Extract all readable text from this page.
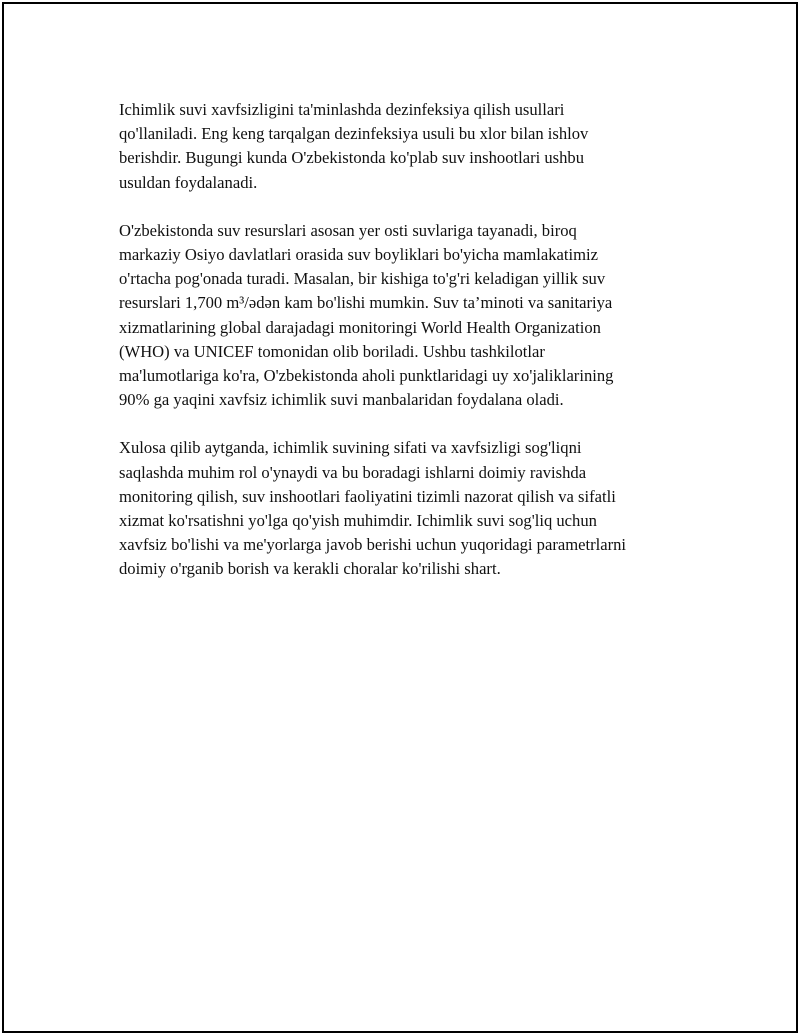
Ichimlik suvi xavfsizligini ta'minlashda dezinfeksiya qilish usullari
qo'llaniladi. Eng keng tarqalgan dezinfeksiya usuli bu xlor bilan ishlov
berishdir. Bugungi kunda O'zbekistonda ko'plab suv inshootlari ushbu
usuldan foydalanadi.

O'zbekistonda suv resurslari asosan yer osti suvlariga tayanadi, biroq
markaziy Osiyo davlatlari orasida suv boyliklari bo'yicha mamlakatimiz
o'rtacha pog'onada turadi. Masalan, bir kishiga to'g'ri keladigan yillik suv
resurslari 1,700 m³/ədən kam bo'lishi mumkin. Suv ta’minoti va sanitariya
xizmatlarining global darajadagi monitoringi World Health Organization
(WHO) va UNICEF tomonidan olib boriladi. Ushbu tashkilotlar
ma'lumotlariga ko'ra, O'zbekistonda aholi punktlaridagi uy xo'jaliklarining
90% ga yaqini xavfsiz ichimlik suvi manbalaridan foydalana oladi.

Xulosa qilib aytganda, ichimlik suvining sifati va xavfsizligi sog'liqni
saqlashda muhim rol o'ynaydi va bu boradagi ishlarni doimiy ravishda
monitoring qilish, suv inshootlari faoliyatini tizimli nazorat qilish va sifatli
xizmat ko'rsatishni yo'lga qo'yish muhimdir. Ichimlik suvi sog'liq uchun
xavfsiz bo'lishi va me'yorlarga javob berishi uchun yuqoridagi parametrlarni
doimiy o'rganib borish va kerakli choralar ko'rilishi shart.
